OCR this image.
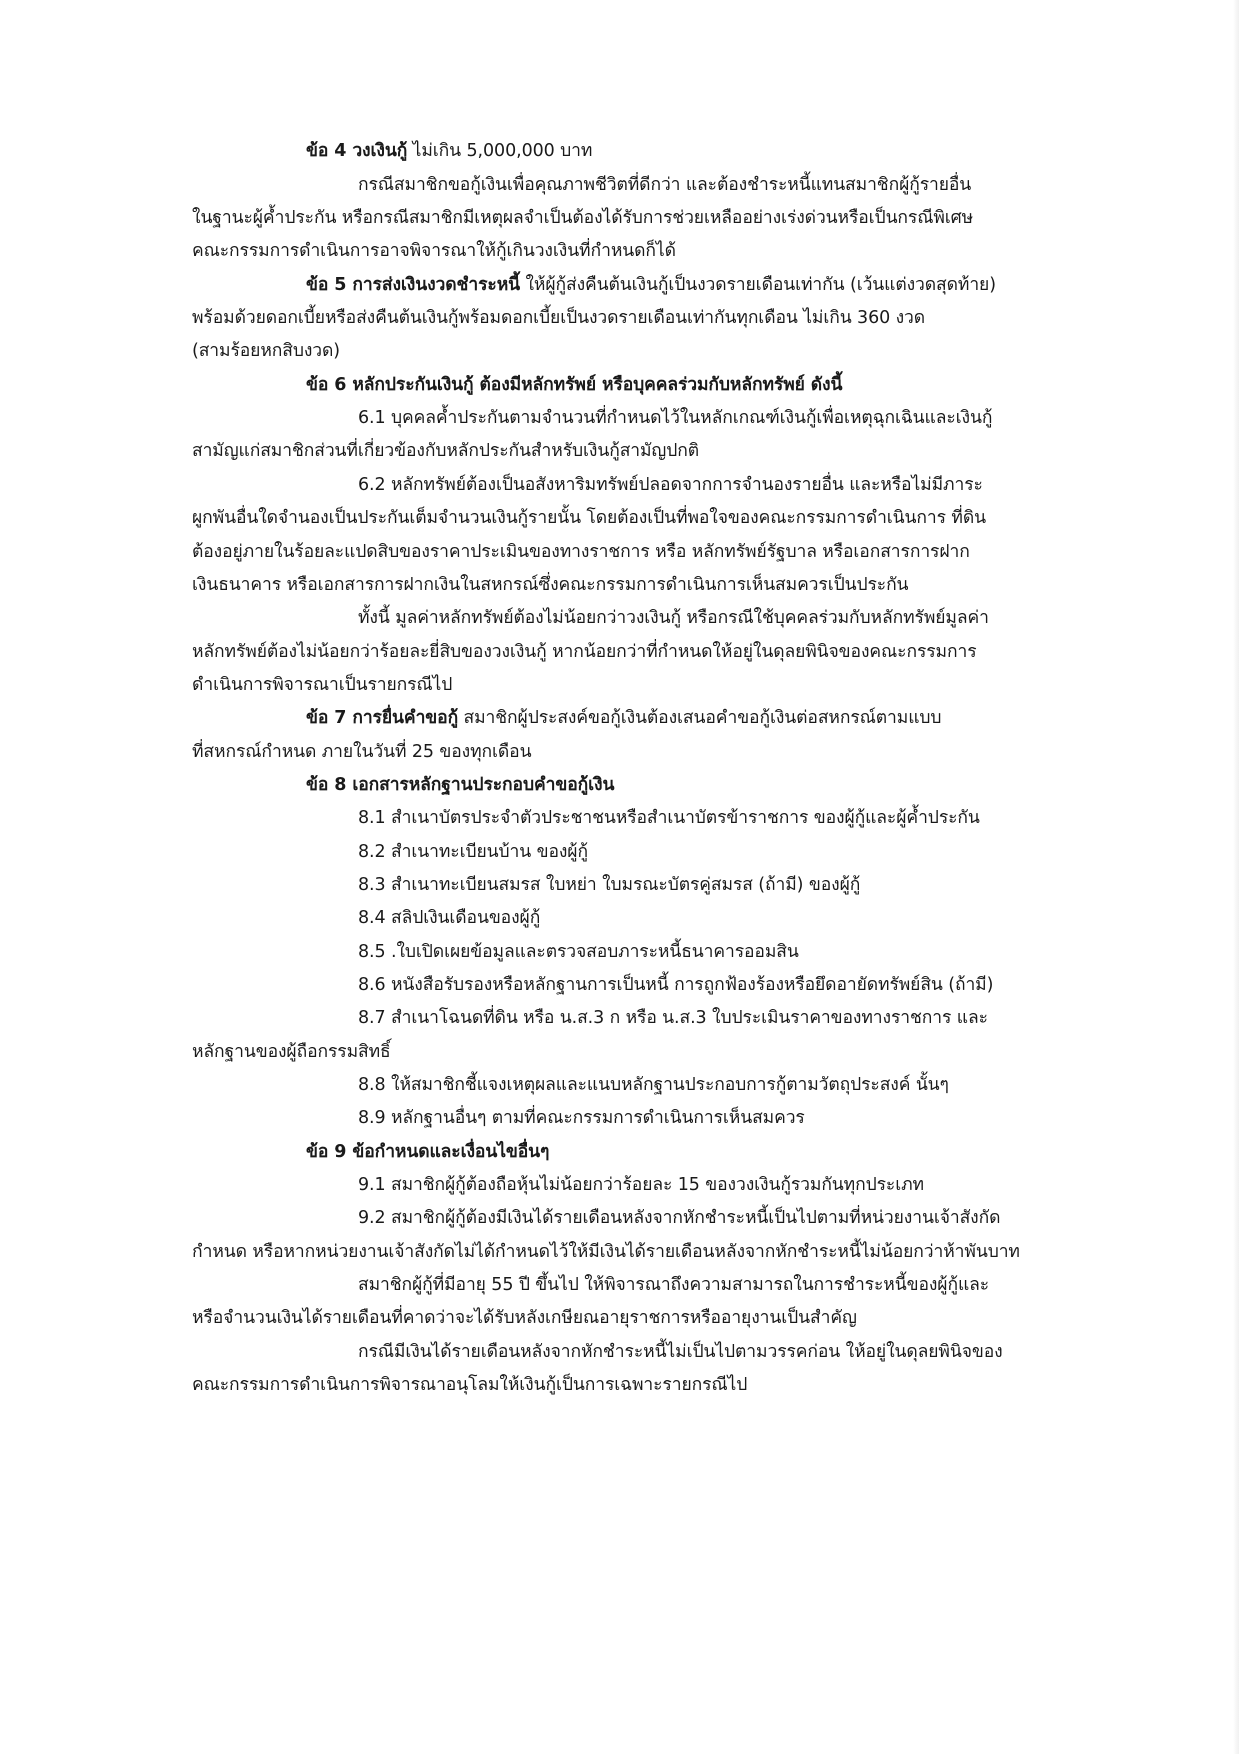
ข้อ 4 วงเงินกู้ ไม่เกิน 5,000,000 บาท
กรณีสมาชิกขอกู้เงินเพื่อคุณภาพชีวิตที่ดีกว่า และต้องชำระหนี้แทนสมาชิกผู้กู้รายอื่น
ในฐานะผู้ค้ำประกัน หรือกรณีสมาชิกมีเหตุผลจำเป็นต้องได้รับการช่วยเหลืออย่างเร่งด่วนหรือเป็นกรณีพิเศษ
คณะกรรมการดำเนินการอาจพิจารณาให้กู้เกินวงเงินที่กำหนดก็ได้
ข้อ 5 การส่งเงินงวดชำระหนี้ ให้ผู้กู้ส่งคืนต้นเงินกู้เป็นงวดรายเดือนเท่ากัน (เว้นแต่งวดสุดท้าย)
พร้อมด้วยดอกเบี้ยหรือส่งคืนต้นเงินกู้พร้อมดอกเบี้ยเป็นงวดรายเดือนเท่ากันทุกเดือน ไม่เกิน 360 งวด
(สามร้อยหกสิบงวด)
ข้อ 6 หลักประกันเงินกู้ ต้องมีหลักทรัพย์ หรือบุคคลร่วมกับหลักทรัพย์ ดังนี้
6.1 บุคคลค้ำประกันตามจำนวนที่กำหนดไว้ในหลักเกณฑ์เงินกู้เพื่อเหตุฉุกเฉินและเงินกู้
สามัญแก่สมาชิกส่วนที่เกี่ยวข้องกับหลักประกันสำหรับเงินกู้สามัญปกติ
6.2 หลักทรัพย์ต้องเป็นอสังหาริมทรัพย์ปลอดจากการจำนองรายอื่น และหรือไม่มีภาระ
ผูกพันอื่นใดจำนองเป็นประกันเต็มจำนวนเงินกู้รายนั้น โดยต้องเป็นที่พอใจของคณะกรรมการดำเนินการ ที่ดิน
ต้องอยู่ภายในร้อยละแปดสิบของราคาประเมินของทางราชการ หรือ หลักทรัพย์รัฐบาล หรือเอกสารการฝาก
เงินธนาคาร หรือเอกสารการฝากเงินในสหกรณ์ซึ่งคณะกรรมการดำเนินการเห็นสมควรเป็นประกัน
ทั้งนี้ มูลค่าหลักทรัพย์ต้องไม่น้อยกว่าวงเงินกู้ หรือกรณีใช้บุคคลร่วมกับหลักทรัพย์มูลค่า
หลักทรัพย์ต้องไม่น้อยกว่าร้อยละยี่สิบของวงเงินกู้ หากน้อยกว่าที่กำหนดให้อยู่ในดุลยพินิจของคณะกรรมการ
ดำเนินการพิจารณาเป็นรายกรณีไป
ข้อ 7 การยื่นคำขอกู้ สมาชิกผู้ประสงค์ขอกู้เงินต้องเสนอคำขอกู้เงินต่อสหกรณ์ตามแบบ
ที่สหกรณ์กำหนด ภายในวันที่ 25 ของทุกเดือน
ข้อ 8 เอกสารหลักฐานประกอบคำขอกู้เงิน
8.1 สำเนาบัตรประจำตัวประชาชนหรือสำเนาบัตรข้าราชการ ของผู้กู้และผู้ค้ำประกัน
8.2 สำเนาทะเบียนบ้าน ของผู้กู้
8.3 สำเนาทะเบียนสมรส ใบหย่า ใบมรณะบัตรคู่สมรส (ถ้ามี) ของผู้กู้
8.4 สลิปเงินเดือนของผู้กู้
8.5 .ใบเปิดเผยข้อมูลและตรวจสอบภาระหนี้ธนาคารออมสิน
8.6 หนังสือรับรองหรือหลักฐานการเป็นหนี้ การถูกฟ้องร้องหรือยึดอายัดทรัพย์สิน (ถ้ามี)
8.7 สำเนาโฉนดที่ดิน หรือ น.ส.3 ก หรือ น.ส.3 ใบประเมินราคาของทางราชการ และ
หลักฐานของผู้ถือกรรมสิทธิ์
8.8 ให้สมาชิกชี้แจงเหตุผลและแนบหลักฐานประกอบการกู้ตามวัตถุประสงค์ นั้นๆ
8.9 หลักฐานอื่นๆ ตามที่คณะกรรมการดำเนินการเห็นสมควร
ข้อ 9 ข้อกำหนดและเงื่อนไขอื่นๆ
9.1 สมาชิกผู้กู้ต้องถือหุ้นไม่น้อยกว่าร้อยละ 15 ของวงเงินกู้รวมกันทุกประเภท
9.2 สมาชิกผู้กู้ต้องมีเงินได้รายเดือนหลังจากหักชำระหนี้เป็นไปตามที่หน่วยงานเจ้าสังกัด
กำหนด หรือหากหน่วยงานเจ้าสังกัดไม่ได้กำหนดไว้ให้มีเงินได้รายเดือนหลังจากหักชำระหนี้ไม่น้อยกว่าห้าพันบาท
สมาชิกผู้กู้ที่มีอายุ 55 ปี ขึ้นไป ให้พิจารณาถึงความสามารถในการชำระหนี้ของผู้กู้และ
หรือจำนวนเงินได้รายเดือนที่คาดว่าจะได้รับหลังเกษียณอายุราชการหรืออายุงานเป็นสำคัญ
กรณีมีเงินได้รายเดือนหลังจากหักชำระหนี้ไม่เป็นไปตามวรรคก่อน ให้อยู่ในดุลยพินิจของ
คณะกรรมการดำเนินการพิจารณาอนุโลมให้เงินกู้เป็นการเฉพาะรายกรณีไป
